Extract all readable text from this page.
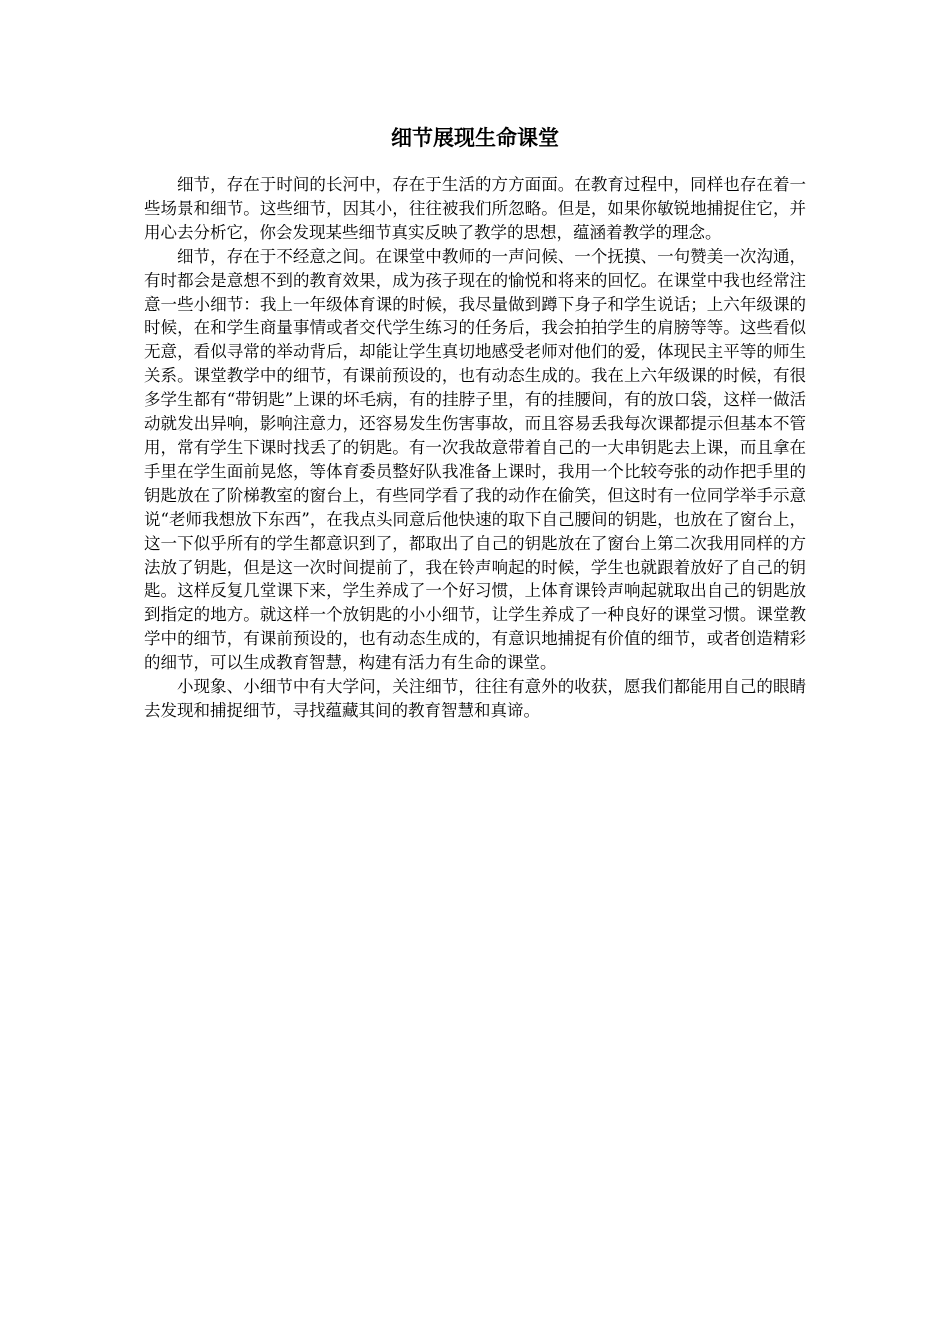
细节展现生命课堂

细节，存在于时间的长河中，存在于生活的方方面面。在教育过程中，同样也存在着一些场景和细节。这些细节，因其小，往往被我们所忽略。但是，如果你敏锐地捕捉住它，并用心去分析它，你会发现某些细节真实反映了教学的思想，蕴涵着教学的理念。

细节，存在于不经意之间。在课堂中教师的一声问候、一个抚摸、一句赞美一次沟通，有时都会是意想不到的教育效果，成为孩子现在的愉悦和将来的回忆。在课堂中我也经常注意一些小细节：我上一年级体育课的时候，我尽量做到蹲下身子和学生说话；上六年级课的时候，在和学生商量事情或者交代学生练习的任务后，我会拍拍学生的肩膀等等。这些看似无意，看似寻常的举动背后，却能让学生真切地感受老师对他们的爱，体现民主平等的师生关系。课堂教学中的细节，有课前预设的，也有动态生成的。我在上六年级课的时候，有很多学生都有“带钥匙”上课的坏毛病，有的挂脖子里，有的挂腰间，有的放口袋，这样一做活动就发出异响，影响注意力，还容易发生伤害事故，而且容易丢我每次课都提示但基本不管用，常有学生下课时找丢了的钥匙。有一次我故意带着自己的一大串钥匙去上课，而且拿在手里在学生面前晃悠，等体育委员整好队我准备上课时，我用一个比较夸张的动作把手里的钥匙放在了阶梯教室的窗台上，有些同学看了我的动作在偷笑，但这时有一位同学举手示意说“老师我想放下东西”，在我点头同意后他快速的取下自己腰间的钥匙，也放在了窗台上，这一下似乎所有的学生都意识到了，都取出了自己的钥匙放在了窗台上第二次我用同样的方法放了钥匙，但是这一次时间提前了，我在铃声响起的时候，学生也就跟着放好了自己的钥匙。这样反复几堂课下来，学生养成了一个好习惯，上体育课铃声响起就取出自己的钥匙放到指定的地方。就这样一个放钥匙的小小细节，让学生养成了一种良好的课堂习惯。课堂教学中的细节，有课前预设的，也有动态生成的，有意识地捕捉有价值的细节，或者创造精彩的细节，可以生成教育智慧，构建有活力有生命的课堂。

小现象、小细节中有大学问，关注细节，往往有意外的收获，愿我们都能用自己的眼睛去发现和捕捉细节，寻找蕴藏其间的教育智慧和真谛。
